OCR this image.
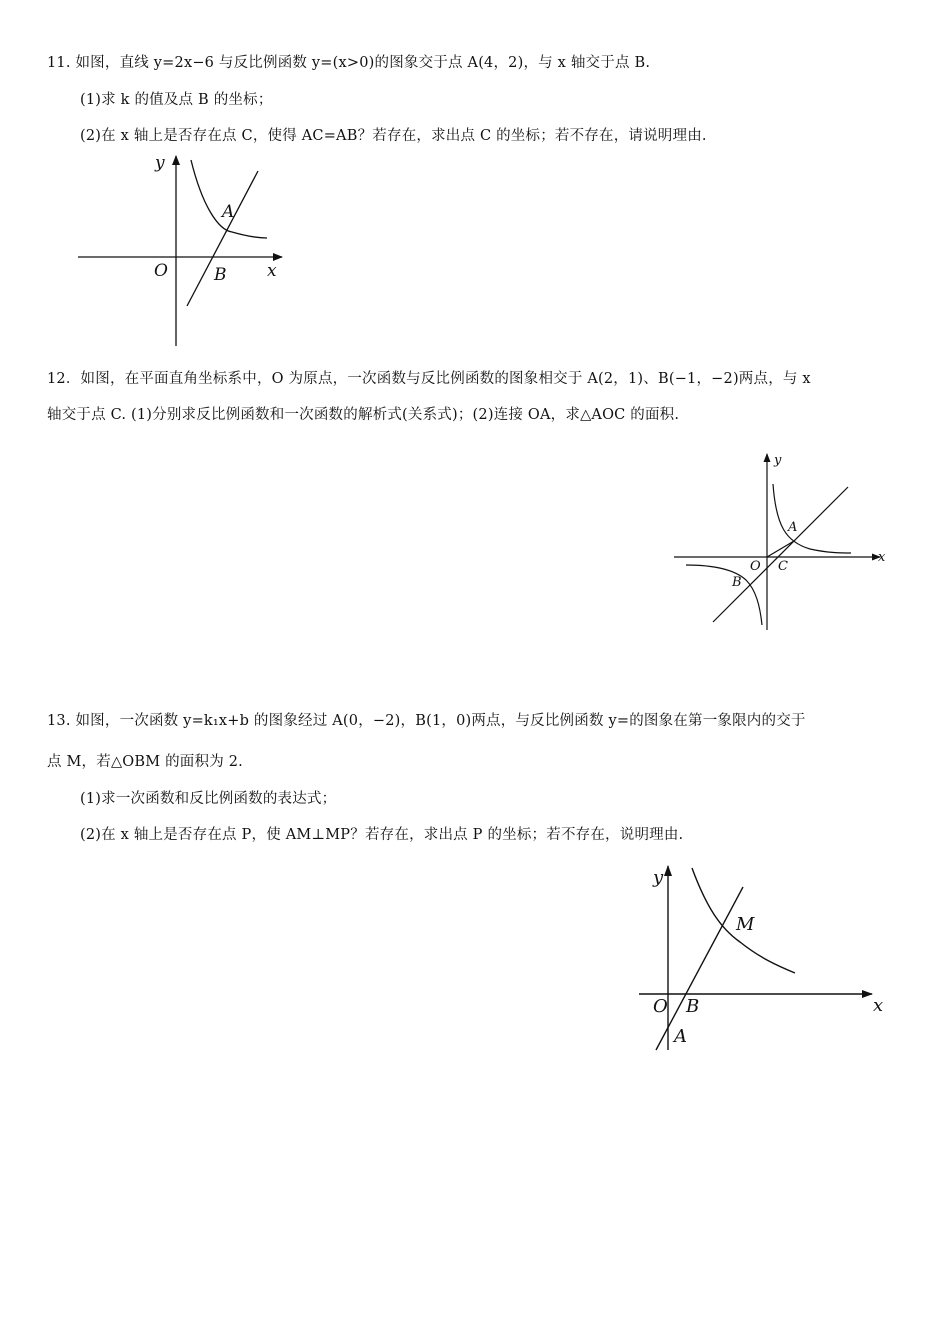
11. 如图，直线 y=2x−6 与反比例函数 y=(x>0)的图象交于点 A(4，2)，与 x 轴交于点 B.
(1)求 k 的值及点 B 的坐标；
(2)在 x 轴上是否存在点 C，使得 AC=AB？若存在，求出点 C 的坐标；若不存在，请说明理由.
y
x
O
A
B
12．如图，在平面直角坐标系中，O 为原点，一次函数与反比例函数的图象相交于 A(2，1)、B(−1，−2)两点，与 x
轴交于点 C. (1)分别求反比例函数和一次函数的解析式(关系式)；(2)连接 OA，求△AOC 的面积.
y
x
O
A
B
C
13. 如图，一次函数 y=k₁x+b 的图象经过 A(0，−2)，B(1，0)两点，与反比例函数 y=的图象在第一象限内的交于
点 M，若△OBM 的面积为 2.
(1)求一次函数和反比例函数的表达式；
(2)在 x 轴上是否存在点 P，使 AM⊥MP？若存在，求出点 P 的坐标；若不存在，说明理由.
y
x
O B
A
M
